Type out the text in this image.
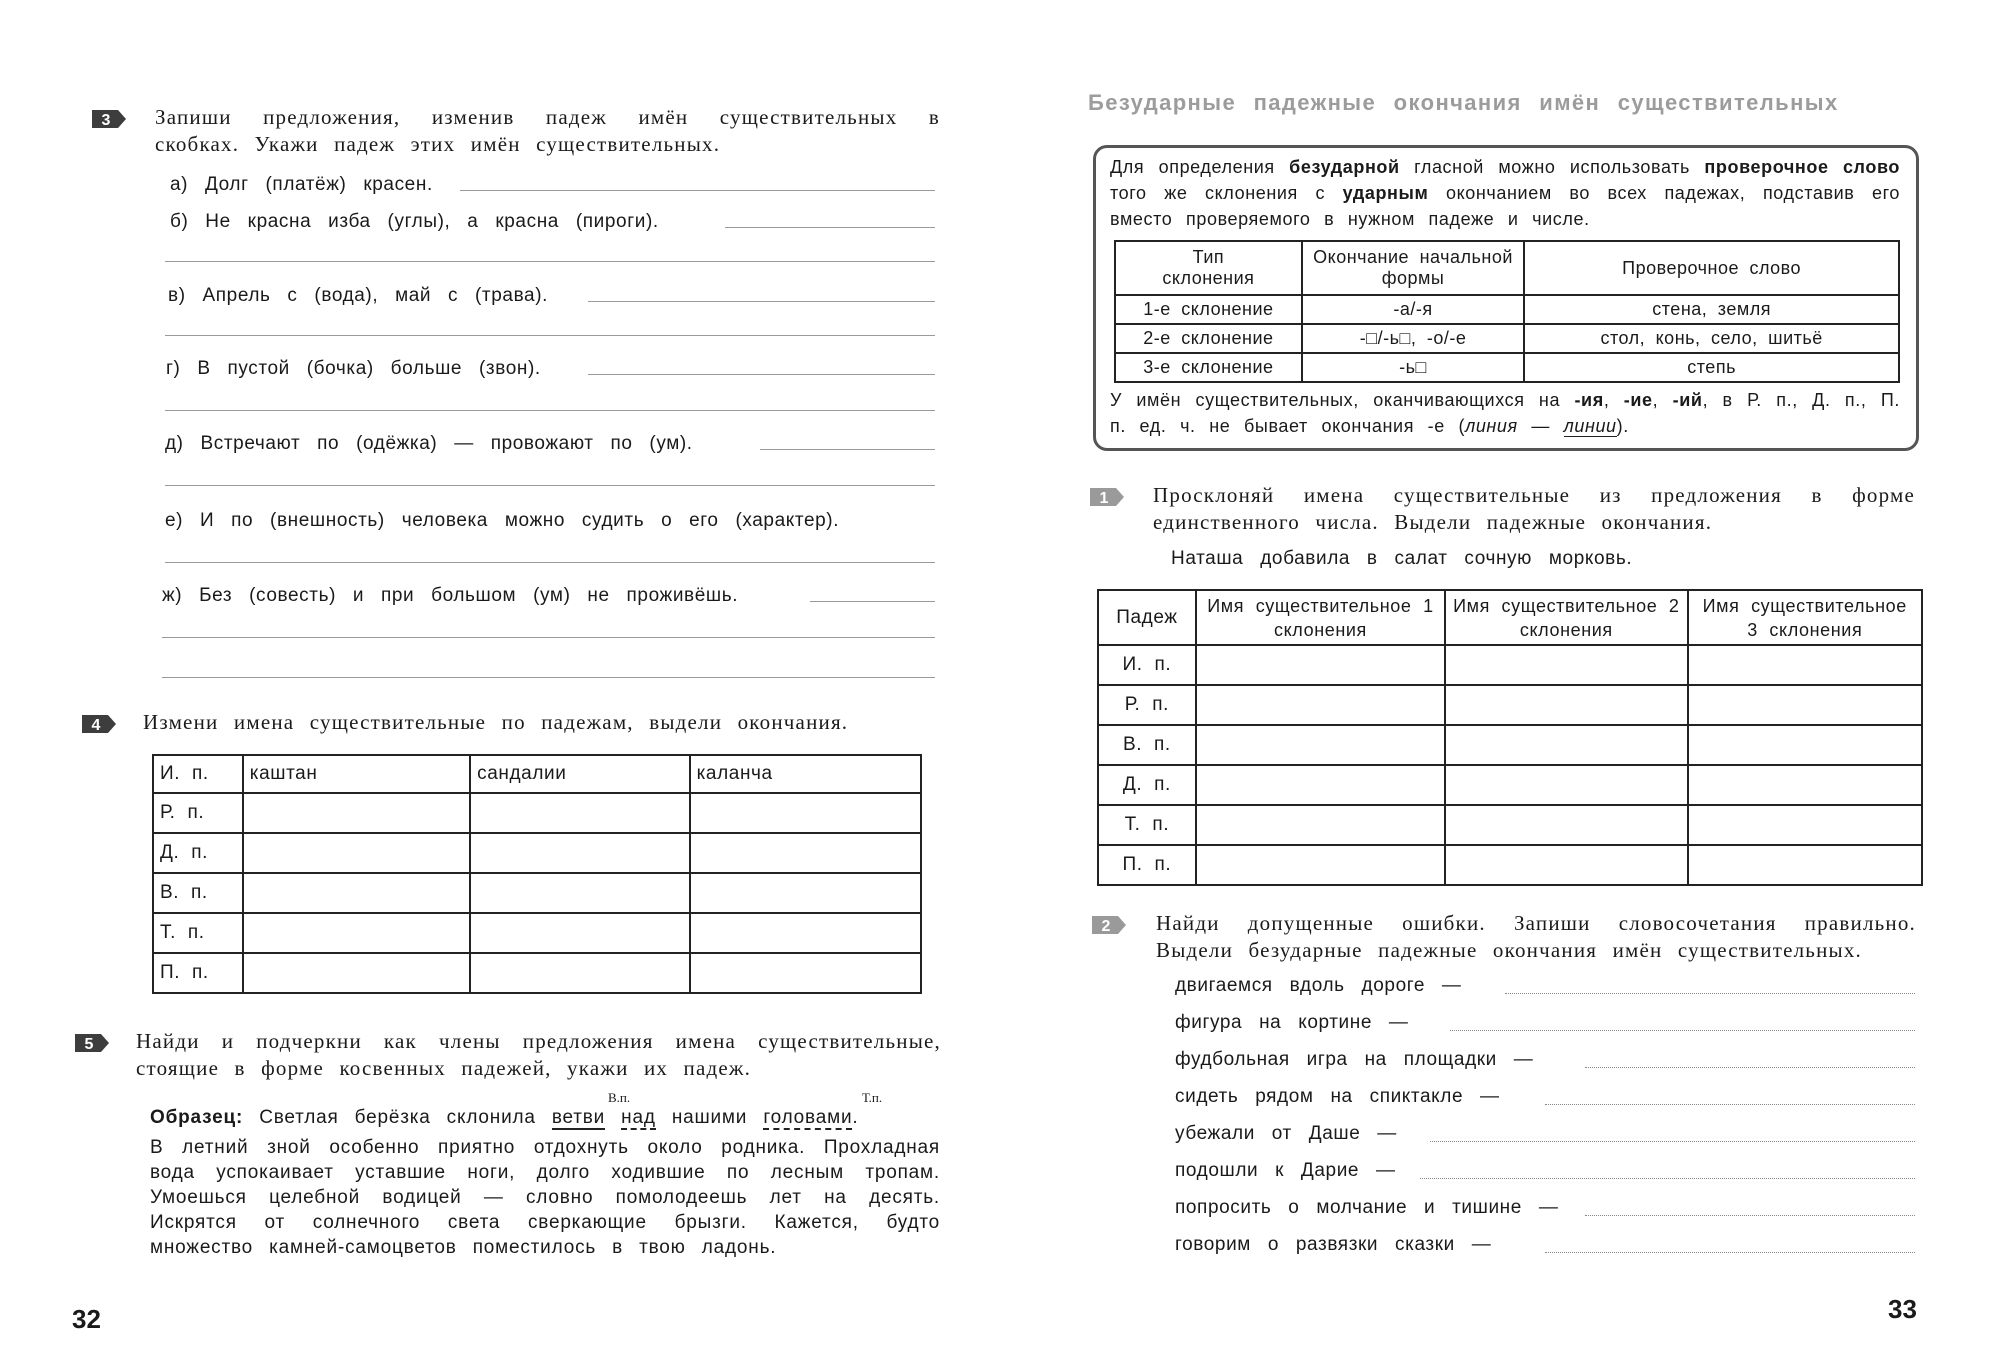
3 Запиши предложения, изменив падеж имён существительных в скобках. Укажи падеж этих имён существительных.
а) Долг (платёж) красен.
б) Не красна изба (углы), а красна (пироги).
в) Апрель с (вода), май с (трава).
г) В пустой (бочка) больше (звон).
д) Встречают по (одёжка) — провожают по (ум).
е) И по (внешность) человека можно судить о его (характер).
ж) Без (совесть) и при большом (ум) не проживёшь.
4 Измени имена существительные по падежам, выдели окончания.
И. п.	каштан	сандалии	каланча
Р. п.			
Д. п.			
В. п.			
Т. п.			
П. п.			
5 Найди и подчеркни как члены предложения имена существительные, стоящие в форме косвенных падежей, укажи их падеж.
В.п.	Т.п.
Образец: Светлая берёзка склонила ветви над нашими головами.
В летний зной особенно приятно отдохнуть около родника. Прохладная вода успокаивает уставшие ноги, долго ходившие по лесным тропам. Умоешься целебной водицей — словно помолодеешь лет на десять. Искрятся от солнечного света сверкающие брызги. Кажется, будто множество камней-самоцветов поместилось в твою ладонь.
32
Безударные падежные окончания имён существительных
Для определения безударной гласной можно использовать проверочное слово того же склонения с ударным окончанием во всех падежах, подставив его вместо проверяемого в нужном падеже и числе.
Тип склонения	Окончание начальной формы	Проверочное слово
1-е склонение	-а/-я	стена, земля
2-е склонение	-□/-ь□, -о/-е	стол, конь, село, шитьё
3-е склонение	-ь□	степь
У имён существительных, оканчивающихся на -ия, -ие, -ий, в Р. п., Д. п., П. п. ед. ч. не бывает окончания -е (линия — линии).
1 Просклоняй имена существительные из предложения в форме единственного числа. Выдели падежные окончания.
Наташа добавила в салат сочную морковь.
Падеж	Имя существительное 1 склонения	Имя существительное 2 склонения	Имя существительное 3 склонения
И. п.			
Р. п.			
В. п.			
Д. п.			
Т. п.			
П. п.			
2 Найди допущенные ошибки. Запиши словосочетания правильно. Выдели безударные падежные окончания имён существительных.
двигаемся вдоль дороге —
фигура на кортине —
фудбольная игра на площадки —
сидеть рядом на спиктакле —
убежали от Даше —
подошли к Дарие —
попросить о молчание и тишине —
говорим о развязки сказки —
33
